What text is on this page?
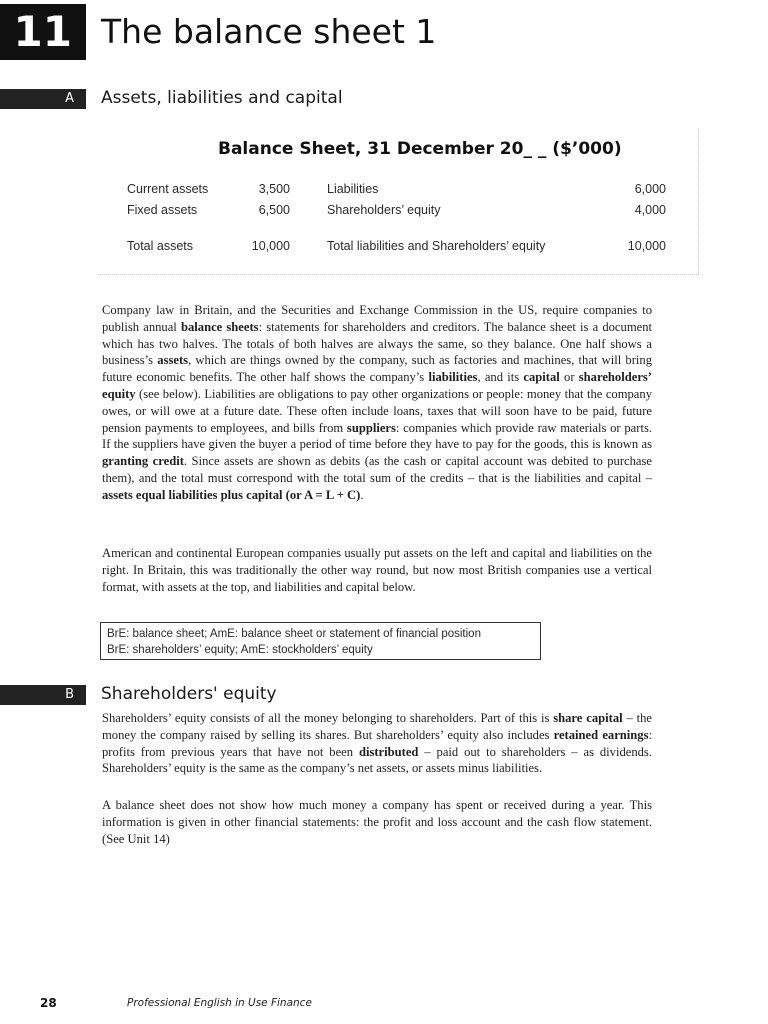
11 The balance sheet 1
A	Assets, liabilities and capital
Balance Sheet, 31 December 20_ _ ($’000)
Current assets	3,500	Liabilities	6,000
Fixed assets	6,500	Shareholders’ equity	4,000
Total assets	10,000	Total liabilities and Shareholders’ equity	10,000

Company law in Britain, and the Securities and Exchange Commission in the US, require companies to publish annual balance sheets: statements for shareholders and creditors. The balance sheet is a document which has two halves. The totals of both halves are always the same, so they balance. One half shows a business’s assets, which are things owned by the company, such as factories and machines, that will bring future economic benefits. The other half shows the company’s liabilities, and its capital or shareholders’ equity (see below). Liabilities are obligations to pay other organizations or people: money that the company owes, or will owe at a future date. These often include loans, taxes that will soon have to be paid, future pension payments to employees, and bills from suppliers: companies which provide raw materials or parts. If the suppliers have given the buyer a period of time before they have to pay for the goods, this is known as granting credit. Since assets are shown as debits (as the cash or capital account was debited to purchase them), and the total must correspond with the total sum of the credits – that is the liabilities and capital – assets equal liabilities plus capital (or A = L + C).

American and continental European companies usually put assets on the left and capital and liabilities on the right. In Britain, this was traditionally the other way round, but now most British companies use a vertical format, with assets at the top, and liabilities and capital below.

BrE: balance sheet; AmE: balance sheet or statement of financial position
BrE: shareholders’ equity; AmE: stockholders’ equity
B	Shareholders' equity

Shareholders’ equity consists of all the money belonging to shareholders. Part of this is share capital – the money the company raised by selling its shares. But shareholders’ equity also includes retained earnings: profits from previous years that have not been distributed – paid out to shareholders – as dividends. Shareholders’ equity is the same as the company’s net assets, or assets minus liabilities.

A balance sheet does not show how much money a company has spent or received during a year. This information is given in other financial statements: the profit and loss account and the cash flow statement. (See Unit 14)

28	Professional English in Use Finance
